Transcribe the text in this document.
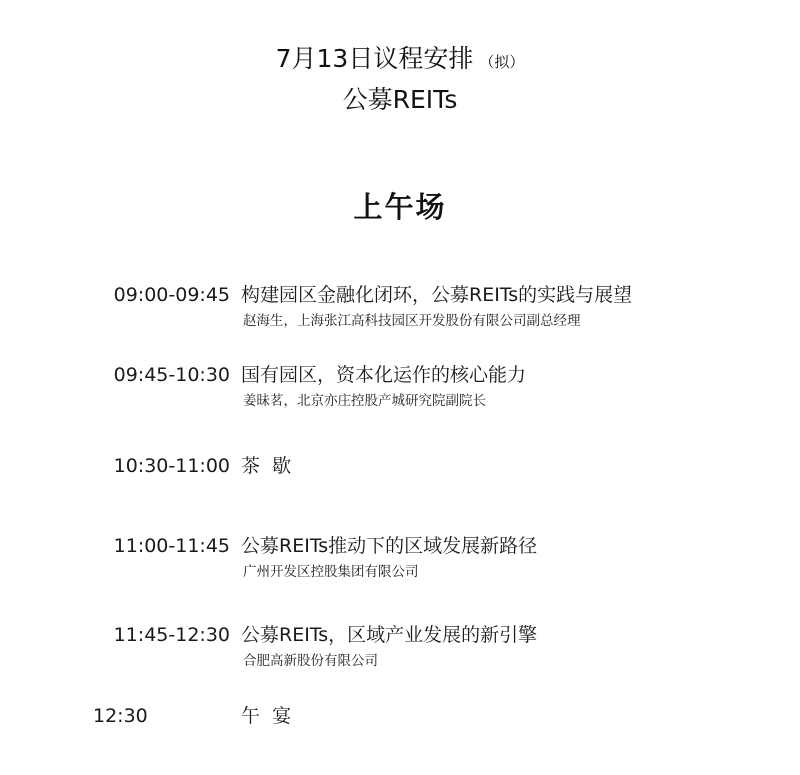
7月13日议程安排 （拟）
公募REITs
上午场
09:00-09:45 构建园区金融化闭环，公募REITs的实践与展望
赵海生，上海张江高科技园区开发股份有限公司副总经理
09:45-10:30 国有园区，资本化运作的核心能力
姜昧茗，北京亦庄控股产城研究院副院长
10:30-11:00 茶  歇
11:00-11:45 公募REITs推动下的区域发展新路径
广州开发区控股集团有限公司
11:45-12:30 公募REITs，区域产业发展的新引擎
合肥高新股份有限公司
12:30	午  宴
